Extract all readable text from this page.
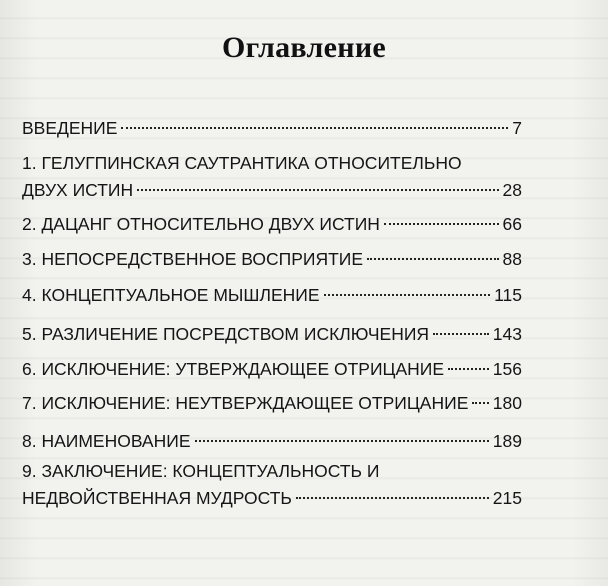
Оглавление
ВВЕДЕНИЕ	7
1. ГЕЛУГПИНСКАЯ САУТРАНТИКА ОТНОСИТЕЛЬНО
ДВУХ ИСТИН	28
2. ДАЦАНГ ОТНОСИТЕЛЬНО ДВУХ ИСТИН	66
3. НЕПОСРЕДСТВЕННОЕ ВОСПРИЯТИЕ	88
4. КОНЦЕПТУАЛЬНОЕ МЫШЛЕНИЕ	115
5. РАЗЛИЧЕНИЕ ПОСРЕДСТВОМ ИСКЛЮЧЕНИЯ	143
6. ИСКЛЮЧЕНИЕ: УТВЕРЖДАЮЩЕЕ ОТРИЦАНИЕ	156
7. ИСКЛЮЧЕНИЕ: НЕУТВЕРЖДАЮЩЕЕ ОТРИЦАНИЕ 180
8. НАИМЕНОВАНИЕ	189
9. ЗАКЛЮЧЕНИЕ: КОНЦЕПТУАЛЬНОСТЬ И
НЕДВОЙСТВЕННАЯ МУДРОСТЬ	215
